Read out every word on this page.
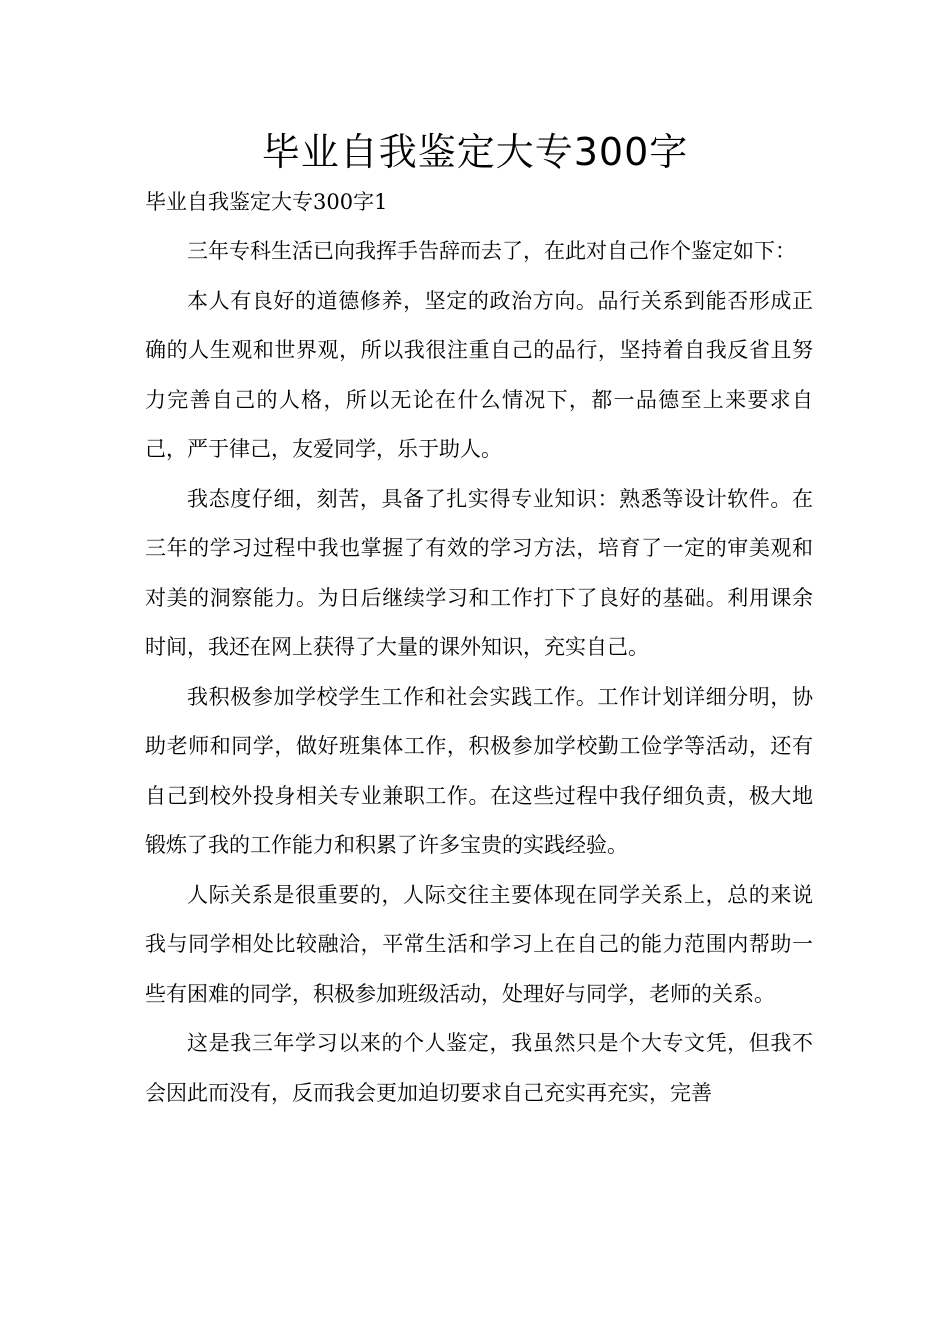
毕业自我鉴定大专300字
毕业自我鉴定大专300字1

三年专科生活已向我挥手告辞而去了，在此对自己作个鉴定如下：

本人有良好的道德修养，坚定的政治方向。品行关系到能否形成正确的人生观和世界观，所以我很注重自己的品行，坚持着自我反省且努力完善自己的人格，所以无论在什么情况下，都一品德至上来要求自己，严于律己，友爱同学，乐于助人。

我态度仔细，刻苦，具备了扎实得专业知识：熟悉等设计软件。在三年的学习过程中我也掌握了有效的学习方法，培育了一定的审美观和对美的洞察能力。为日后继续学习和工作打下了良好的基础。利用课余时间，我还在网上获得了大量的课外知识，充实自己。

我积极参加学校学生工作和社会实践工作。工作计划详细分明，协助老师和同学，做好班集体工作，积极参加学校勤工俭学等活动，还有自己到校外投身相关专业兼职工作。在这些过程中我仔细负责，极大地锻炼了我的工作能力和积累了许多宝贵的实践经验。

人际关系是很重要的，人际交往主要体现在同学关系上，总的来说我与同学相处比较融洽，平常生活和学习上在自己的能力范围内帮助一些有困难的同学，积极参加班级活动，处理好与同学，老师的关系。

这是我三年学习以来的个人鉴定，我虽然只是个大专文凭，但我不会因此而没有，反而我会更加迫切要求自己充实再充实，完善
